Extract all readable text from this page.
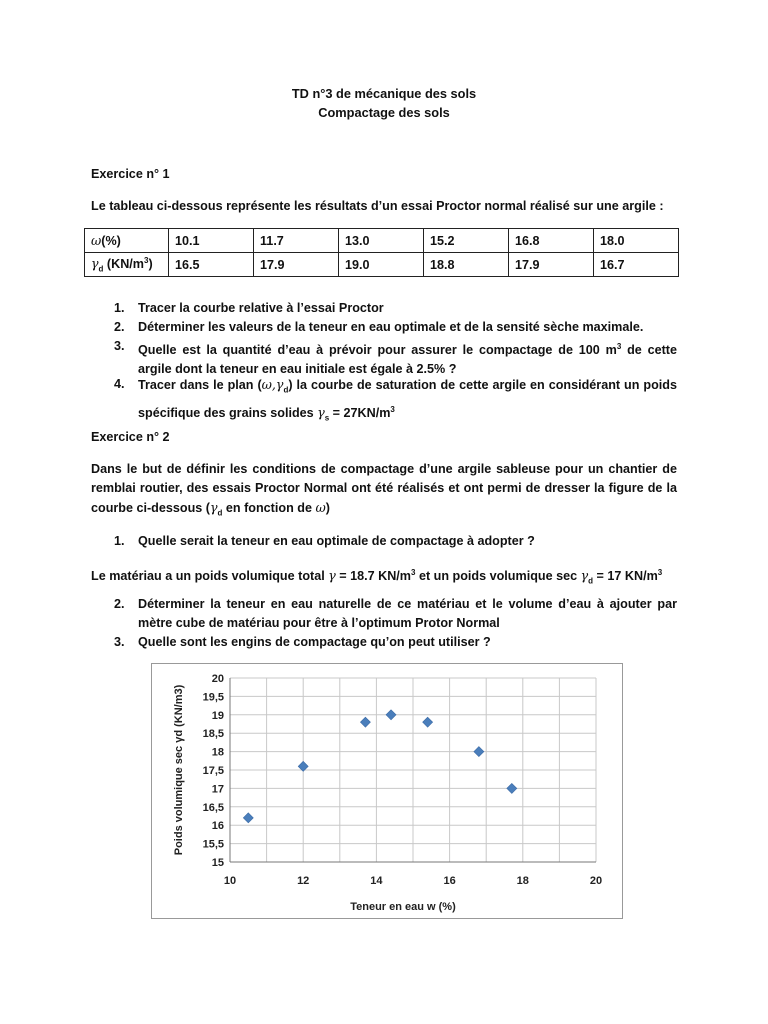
TD n°3 de mécanique des sols
Compactage des sols
Exercice n° 1
Le tableau ci-dessous représente les résultats d’un essai Proctor normal réalisé sur une argile :
ω(%)	10.1	11.7	13.0	15.2	16.8	18.0
$\gamma_d$ $(KN/m^3)$	16.5	17.9	19.0	18.8	17.9	16.7
1. Tracer la courbe relative à l’essai Proctor
2. Déterminer les valeurs de la teneur en eau optimale et de la sensité sèche maximale.
3. Quelle est la quantité d’eau à prévoir pour assurer le compactage de 100 $m^3$ de cette argile dont la teneur en eau initiale est égale à 2.5% ?
4. Tracer dans le plan $(\omega,\gamma_d)$ la courbe de saturation de cette argile en considérant un poids spécifique des grains solides $\gamma_s = 27KN/m^3$
Exercice n° 2
Dans le but de définir les conditions de compactage d’une argile sableuse pour un chantier de remblai routier, des essais Proctor Normal ont été réalisés et ont permi de dresser la figure de la courbe ci-dessous ($\gamma_d$ en fonction de ω)
1. Quelle serait la teneur en eau optimale de compactage à adopter ?
Le matériau a un poids volumique total γ = 18.7 $KN/m^3$ et un poids volumique $\sec \gamma_d = 17$ $KN/m^3$
2. Déterminer la teneur en eau naturelle de ce matériau et le volume d’eau à ajouter par mètre cube de matériau pour être à l’optimum Protor Normal
3. Quelle sont les engins de compactage qu’on peut utiliser ?
15
15,5
16
16,5
17
17,5
18
18,5
19
19,5
20
10	12	14	16	18	20
Teneur en eau w (%)
Poids volumique sec γd (KN/m3)
